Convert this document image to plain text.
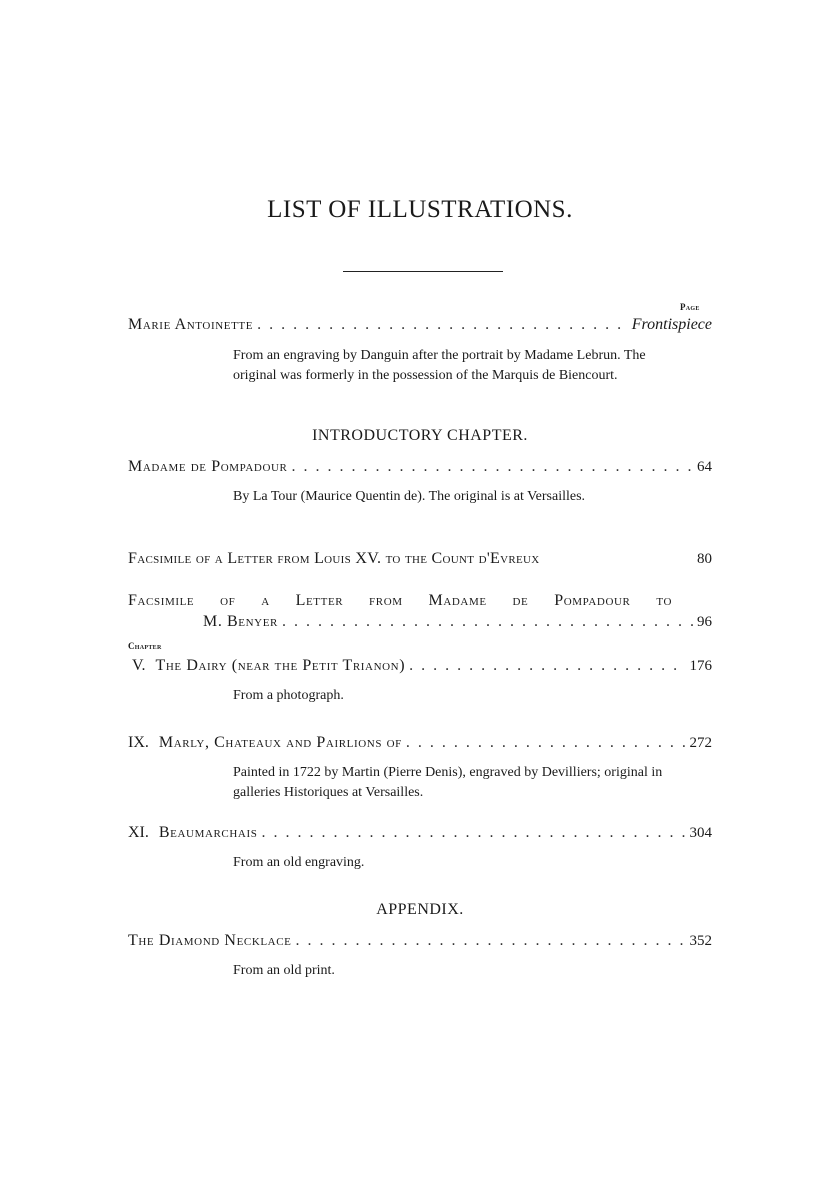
LIST OF ILLUSTRATIONS.
Page
Marie Antoinette . . .	Frontispiece
From an engraving by Danguin after the portrait by Madame Lebrun. The original was formerly in the possession of the Marquis de Biencourt.
INTRODUCTORY CHAPTER.
Madame de Pompadour . . .	64
By La Tour (Maurice Quentin de). The original is at Versailles.
Facsimile of a Letter from Louis XV. to the Count d'Evreux	80
Facsimile of a Letter from Madame de Pompadour to
M. Benyer . . .	96
Chapter
V. The Dairy (near the Petit Trianon) . . .	176
From a photograph.
IX. Marly, Chateaux and Pairlions of . . .	272
Painted in 1722 by Martin (Pierre Denis), engraved by Devilliers; original in galleries Historiques at Versailles.
XI. Beaumarchais . . .	304
From an old engraving.
APPENDIX.
The Diamond Necklace . . .	352
From an old print.
